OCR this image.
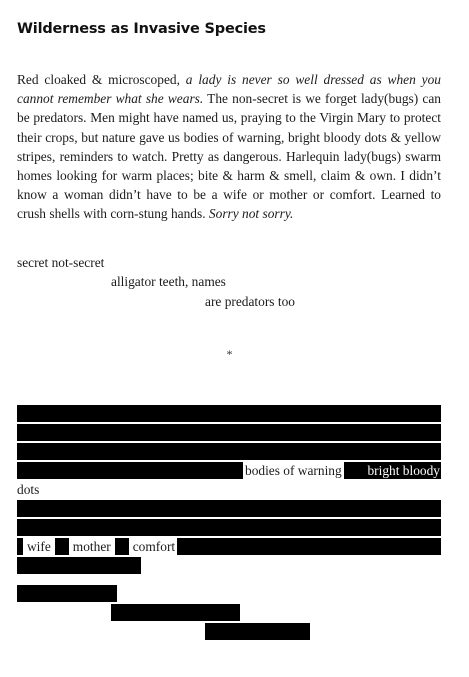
Wilderness as Invasive Species

Red cloaked & microscoped, a lady is never so well dressed as when you cannot remember what she wears. The non-secret is we forget lady(bugs) can be predators. Men might have named us, praying to the Virgin Mary to protect their crops, but nature gave us bodies of warning, bright bloody dots & yellow stripes, reminders to watch. Pretty as dangerous. Harlequin lady(bugs) swarm homes looking for warm places; bite & harm & smell, claim & own. I didn’t know a woman didn’t have to be a wife or mother or comfort. Learned to crush shells with corn-stung hands. Sorry not sorry.

secret not-secret
alligator teeth, names
are predators too
*
bodies of warning	bright bloody
dots
wife mother comfort
